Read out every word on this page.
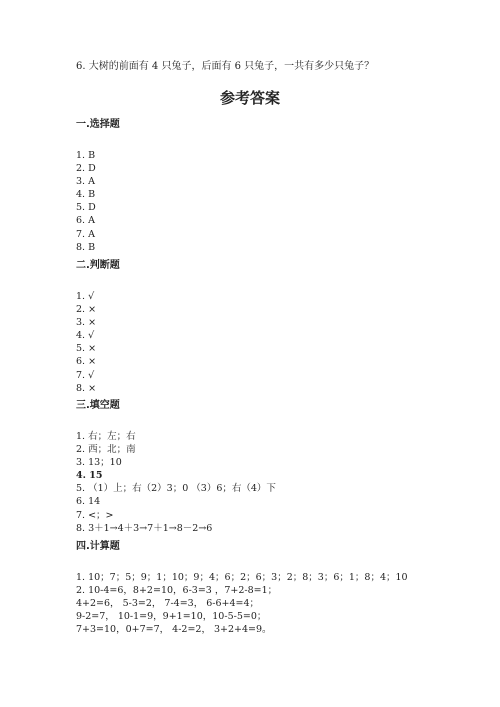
6. 大树的前面有 4 只兔子，后面有 6 只兔子，一共有多少只兔子？
参考答案
一.选择题
1. B
2. D
3. A
4. B
5. D
6. A
7. A
8. B
二.判断题
1. √
2. ×
3. ×
4. √
5. ×
6. ×
7. √
8. ×
三.填空题
1. 右；左；右
2. 西；北；南
3. 13；10
4. 15
5. （1）上；右（2）3；0 （3）6；右（4）下
6. 14
7. <；>
8. 3＋1→4＋3→7＋1→8－2→6
四.计算题
1. 10；7；5；9；1；10；9；4；6；2；6；3；2；8；3；6；1；8；4；10
2. 10-4=6，8+2=10，6-3=3 ，7+2-8=1；
4+2=6， 5-3=2， 7-4=3， 6-6+4=4；
9-2=7， 10-1=9，9+1=10，10-5-5=0；
7+3=10，0+7=7， 4-2=2， 3+2+4=9。
